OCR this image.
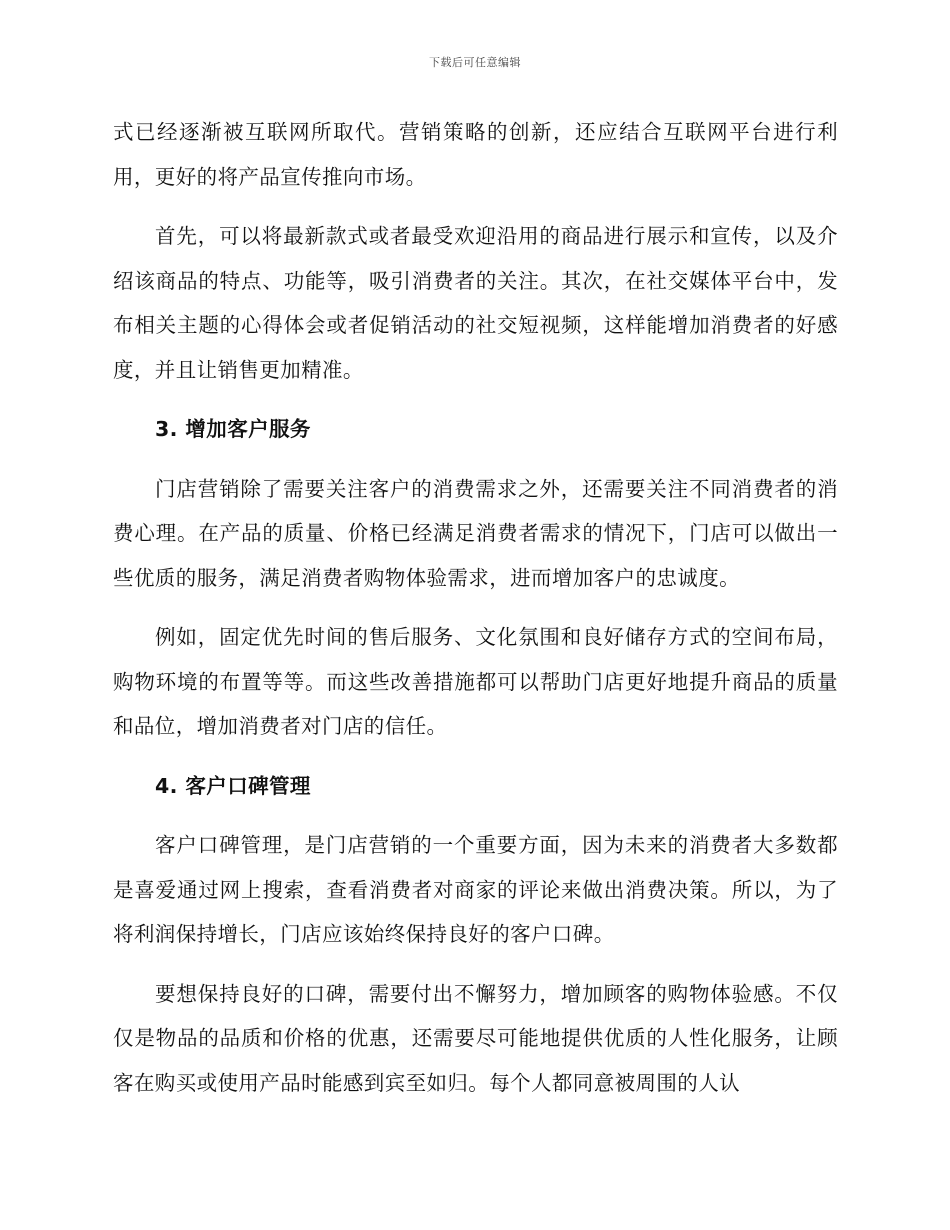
下载后可任意编辑

式已经逐渐被互联网所取代。营销策略的创新，还应结合互联网平台进行利用，更好的将产品宣传推向市场。

首先，可以将最新款式或者最受欢迎沿用的商品进行展示和宣传，以及介绍该商品的特点、功能等，吸引消费者的关注。其次，在社交媒体平台中，发布相关主题的心得体会或者促销活动的社交短视频，这样能增加消费者的好感度，并且让销售更加精准。

3. 增加客户服务

门店营销除了需要关注客户的消费需求之外，还需要关注不同消费者的消费心理。在产品的质量、价格已经满足消费者需求的情况下，门店可以做出一些优质的服务，满足消费者购物体验需求，进而增加客户的忠诚度。

例如，固定优先时间的售后服务、文化氛围和良好储存方式的空间布局，购物环境的布置等等。而这些改善措施都可以帮助门店更好地提升商品的质量和品位，增加消费者对门店的信任。

4. 客户口碑管理

客户口碑管理，是门店营销的一个重要方面，因为未来的消费者大多数都是喜爱通过网上搜索，查看消费者对商家的评论来做出消费决策。所以，为了将利润保持增长，门店应该始终保持良好的客户口碑。

要想保持良好的口碑，需要付出不懈努力，增加顾客的购物体验感。不仅仅是物品的品质和价格的优惠，还需要尽可能地提供优质的人性化服务，让顾客在购买或使用产品时能感到宾至如归。每个人都同意被周围的人认
